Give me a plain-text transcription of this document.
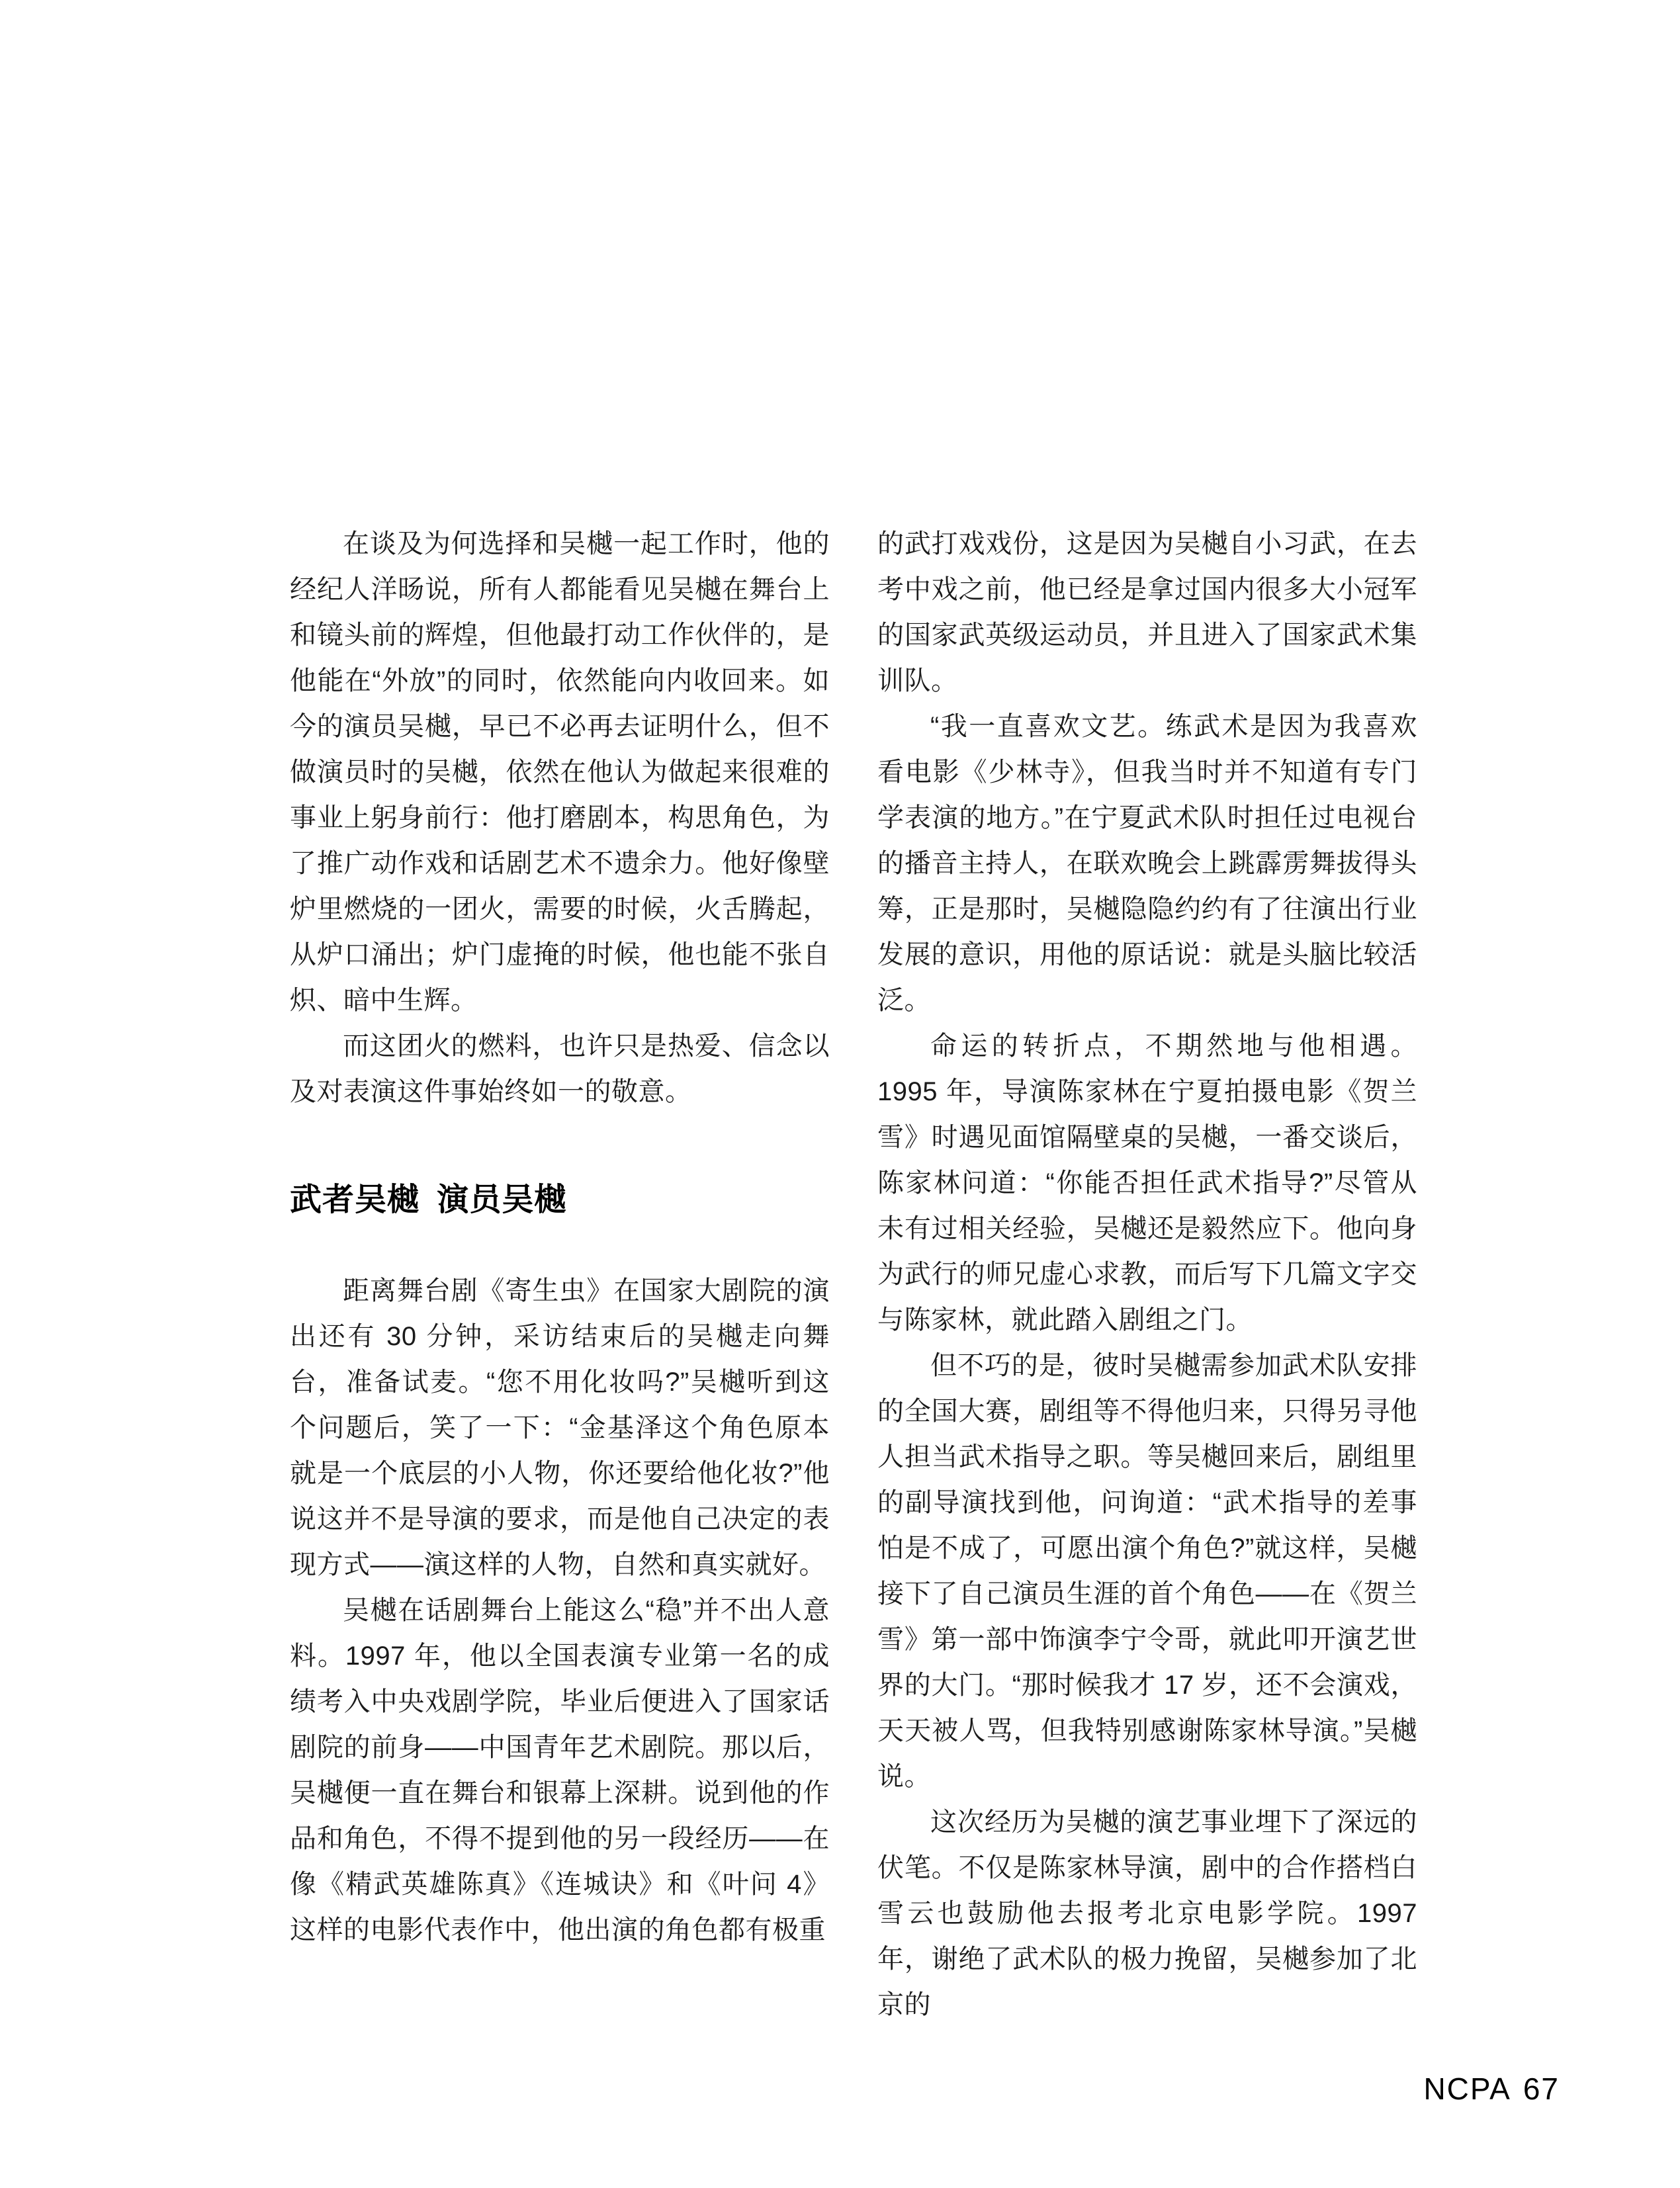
在谈及为何选择和吴樾一起工作时，他的经纪人洋旸说，所有人都能看见吴樾在舞台上和镜头前的辉煌，但他最打动工作伙伴的，是他能在“外放”的同时，依然能向内收回来。如今的演员吴樾，早已不必再去证明什么，但不做演员时的吴樾，依然在他认为做起来很难的事业上躬身前行：他打磨剧本，构思角色，为了推广动作戏和话剧艺术不遗余力。他好像壁炉里燃烧的一团火，需要的时候，火舌腾起，从炉口涌出；炉门虚掩的时候，他也能不张自炽、暗中生辉。

而这团火的燃料，也许只是热爱、信念以及对表演这件事始终如一的敬意。

武者吴樾 演员吴樾

距离舞台剧《寄生虫》在国家大剧院的演出还有 30 分钟，采访结束后的吴樾走向舞台，准备试麦。“您不用化妆吗?”吴樾听到这个问题后，笑了一下：“金基泽这个角色原本就是一个底层的小人物，你还要给他化妆?”他说这并不是导演的要求，而是他自己决定的表现方式——演这样的人物，自然和真实就好。

吴樾在话剧舞台上能这么“稳”并不出人意料。1997 年，他以全国表演专业第一名的成绩考入中央戏剧学院，毕业后便进入了国家话剧院的前身——中国青年艺术剧院。那以后，吴樾便一直在舞台和银幕上深耕。说到他的作品和角色，不得不提到他的另一段经历——在像《精武英雄陈真》《连城诀》和《叶问 4》这样的电影代表作中，他出演的角色都有极重

的武打戏戏份，这是因为吴樾自小习武，在去考中戏之前，他已经是拿过国内很多大小冠军的国家武英级运动员，并且进入了国家武术集训队。

“我一直喜欢文艺。练武术是因为我喜欢看电影《少林寺》，但我当时并不知道有专门学表演的地方。”在宁夏武术队时担任过电视台的播音主持人，在联欢晚会上跳霹雳舞拔得头筹，正是那时，吴樾隐隐约约有了往演出行业发展的意识，用他的原话说：就是头脑比较活泛。

命运的转折点，不期然地与他相遇。1995 年，导演陈家林在宁夏拍摄电影《贺兰雪》时遇见面馆隔壁桌的吴樾，一番交谈后，陈家林问道：“你能否担任武术指导?”尽管从未有过相关经验，吴樾还是毅然应下。他向身为武行的师兄虚心求教，而后写下几篇文字交与陈家林，就此踏入剧组之门。

但不巧的是，彼时吴樾需参加武术队安排的全国大赛，剧组等不得他归来，只得另寻他人担当武术指导之职。等吴樾回来后，剧组里的副导演找到他，问询道：“武术指导的差事怕是不成了，可愿出演个角色?”就这样，吴樾接下了自己演员生涯的首个角色——在《贺兰雪》第一部中饰演李宁令哥，就此叩开演艺世界的大门。“那时候我才 17 岁，还不会演戏，天天被人骂，但我特别感谢陈家林导演。”吴樾说。

这次经历为吴樾的演艺事业埋下了深远的伏笔。不仅是陈家林导演，剧中的合作搭档白雪云也鼓励他去报考北京电影学院。1997 年，谢绝了武术队的极力挽留，吴樾参加了北京的

NCPA 67
